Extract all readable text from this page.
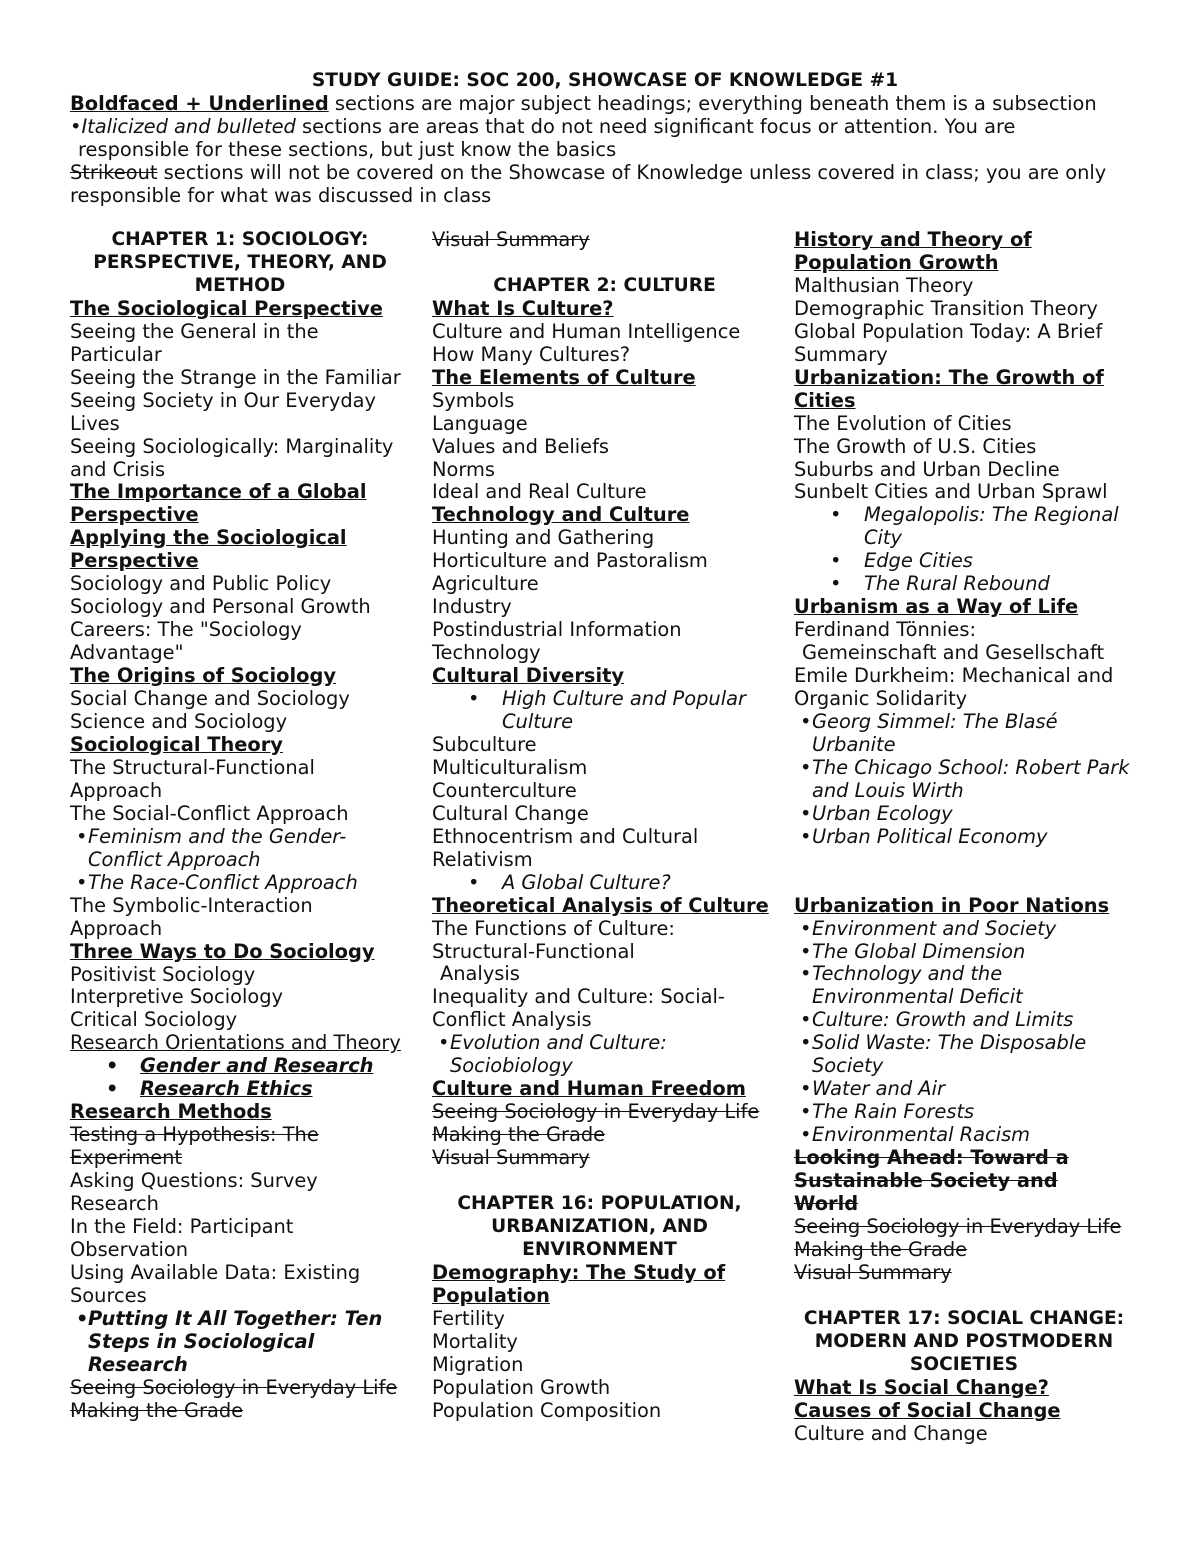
STUDY GUIDE: SOC 200, SHOWCASE OF KNOWLEDGE #1
Boldfaced + Underlined sections are major subject headings; everything beneath them is a subsection
•Italicized and bulleted sections are areas that do not need significant focus or attention. You are
responsible for these sections, but just know the basics
Strikeout sections will not be covered on the Showcase of Knowledge unless covered in class; you are only
responsible for what was discussed in class
CHAPTER 1: SOCIOLOGY: PERSPECTIVE, THEORY, AND METHOD
The Sociological Perspective
Seeing the General in the Particular
Seeing the Strange in the Familiar
Seeing Society in Our Everyday Lives
Seeing Sociologically: Marginality and Crisis
The Importance of a Global Perspective
Applying the Sociological Perspective
Sociology and Public Policy
Sociology and Personal Growth
Careers: The "Sociology Advantage"
The Origins of Sociology
Social Change and Sociology
Science and Sociology
Sociological Theory
The Structural-Functional Approach
The Social-Conflict Approach
• Feminism and the Gender-Conflict Approach
• The Race-Conflict Approach
The Symbolic-Interaction Approach
Three Ways to Do Sociology
Positivist Sociology
Interpretive Sociology
Critical Sociology
Research Orientations and Theory
• Gender and Research
• Research Ethics
Research Methods
Testing a Hypothesis: The Experiment
Asking Questions: Survey Research
In the Field: Participant Observation
Using Available Data: Existing Sources
• Putting It All Together: Ten Steps in Sociological Research
Seeing Sociology in Everyday Life
Making the Grade
Visual Summary
CHAPTER 2: CULTURE
What Is Culture?
Culture and Human Intelligence
How Many Cultures?
The Elements of Culture
Symbols
Language
Values and Beliefs
Norms
Ideal and Real Culture
Technology and Culture
Hunting and Gathering
Horticulture and Pastoralism
Agriculture
Industry
Postindustrial Information Technology
Cultural Diversity
• High Culture and Popular Culture
Subculture
Multiculturalism
Counterculture
Cultural Change
Ethnocentrism and Cultural Relativism
• A Global Culture?
Theoretical Analysis of Culture
The Functions of Culture: Structural-Functional
Analysis
Inequality and Culture: Social-Conflict Analysis
• Evolution and Culture: Sociobiology
Culture and Human Freedom
Seeing Sociology in Everyday Life
Making the Grade
Visual Summary
CHAPTER 16: POPULATION, URBANIZATION, AND ENVIRONMENT
Demography: The Study of Population
Fertility
Mortality
Migration
Population Growth
Population Composition
History and Theory of Population Growth
Malthusian Theory
Demographic Transition Theory
Global Population Today: A Brief Summary
Urbanization: The Growth of Cities
The Evolution of Cities
The Growth of U.S. Cities
Suburbs and Urban Decline
Sunbelt Cities and Urban Sprawl
• Megalopolis: The Regional City
• Edge Cities
• The Rural Rebound
Urbanism as a Way of Life
Ferdinand Tönnies:
Gemeinschaft and Gesellschaft
Emile Durkheim: Mechanical and Organic Solidarity
• Georg Simmel: The Blasé Urbanite
• The Chicago School: Robert Park and Louis Wirth
• Urban Ecology
• Urban Political Economy
Urbanization in Poor Nations
• Environment and Society
• The Global Dimension
• Technology and the Environmental Deficit
• Culture: Growth and Limits
• Solid Waste: The Disposable Society
• Water and Air
• The Rain Forests
• Environmental Racism
Looking Ahead: Toward a Sustainable Society and World
Seeing Sociology in Everyday Life
Making the Grade
Visual Summary
CHAPTER 17: SOCIAL CHANGE:
MODERN AND POSTMODERN SOCIETIES
What Is Social Change?
Causes of Social Change
Culture and Change
